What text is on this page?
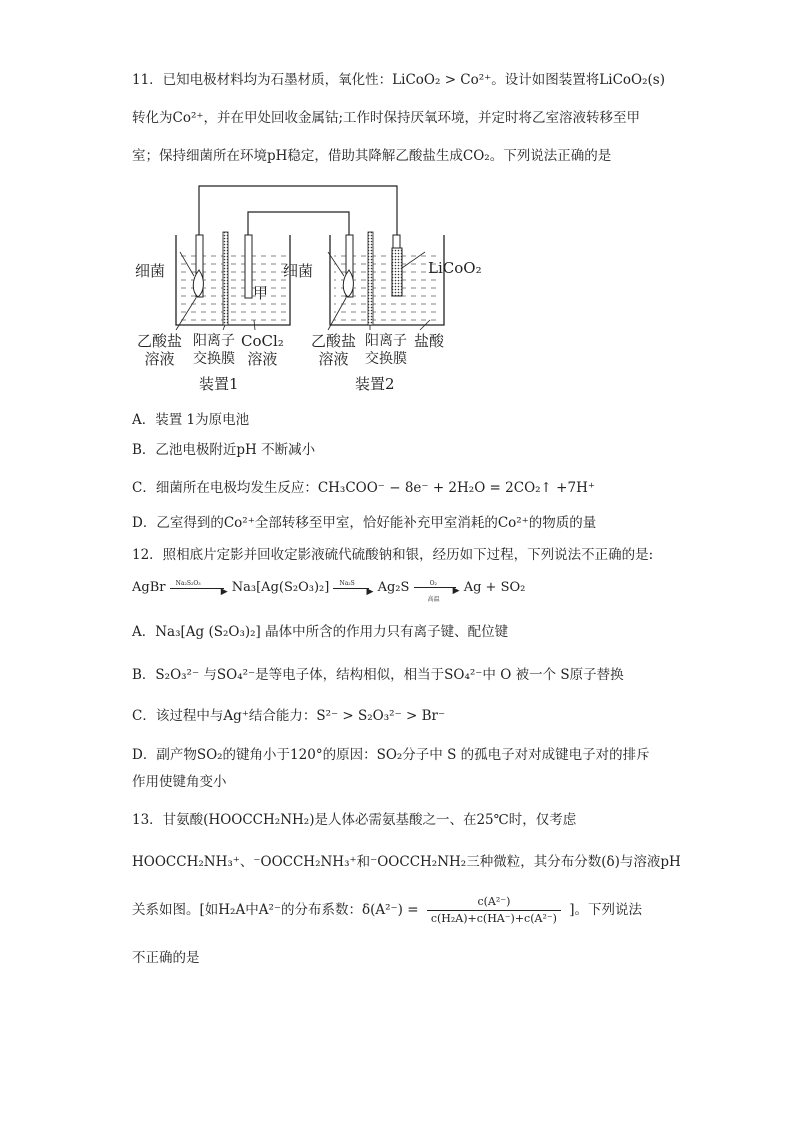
11．已知电极材料均为石墨材质，氧化性：LiCoO₂ > Co²⁺。设计如图装置将LiCoO₂(s)
转化为Co²⁺，并在甲处回收金属钴;工作时保持厌氧环境，并定时将乙室溶液转移至甲
室；保持细菌所在环境pH稳定，借助其降解乙酸盐生成CO₂。下列说法正确的是
细菌	细菌
甲
LiCoO₂
乙酸盐
溶液
阳离子
交换膜
CoCl₂
溶液
乙酸盐
溶液
阳离子
交换膜
盐酸
装置1	装置2
A．装置 1为原电池
B．乙池电极附近pH 不断减小
C．细菌所在电极均发生反应：CH₃COO⁻ − 8e⁻ + 2H₂O = 2CO₂↑ +7H⁺
D．乙室得到的Co²⁺全部转移至甲室，恰好能补充甲室消耗的Co²⁺的物质的量
12．照相底片定影并回收定影液硫代硫酸钠和银，经历如下过程，下列说法不正确的是:
AgBr Na₂S₂O₃
▶ Na₃[Ag(S₂O₃)₂] Na₂S
▶ Ag₂S	O₂
▶
高温
Ag + SO₂
A．Na₃[Ag (S₂O₃)₂] 晶体中所含的作用力只有离子键、配位键
B．S₂O₃²⁻ 与SO₄²⁻是等电子体，结构相似，相当于SO₄²⁻中 O 被一个 S原子替换
C．该过程中与Ag⁺结合能力：S²⁻ > S₂O₃²⁻ > Br⁻
D．副产物SO₂的键角小于120°的原因：SO₂分子中 S 的孤电子对对成键电子对的排斥
作用使键角变小
13．甘氨酸(HOOCCH₂NH₂)是人体必需氨基酸之一、在25℃时，仅考虑
HOOCCH₂NH₃⁺、⁻OOCCH₂NH₃⁺和⁻OOCCH₂NH₂三种微粒，其分布分数(δ)与溶液pH
关系如图。[如H₂A中A²⁻的分布系数：$\delta(A^{2-}) = \frac{\text{c(A²⁻)}}{\text{c(H₂A)+c(HA⁻)+c(A²⁻)}}$ ]。下列说法
不正确的是
